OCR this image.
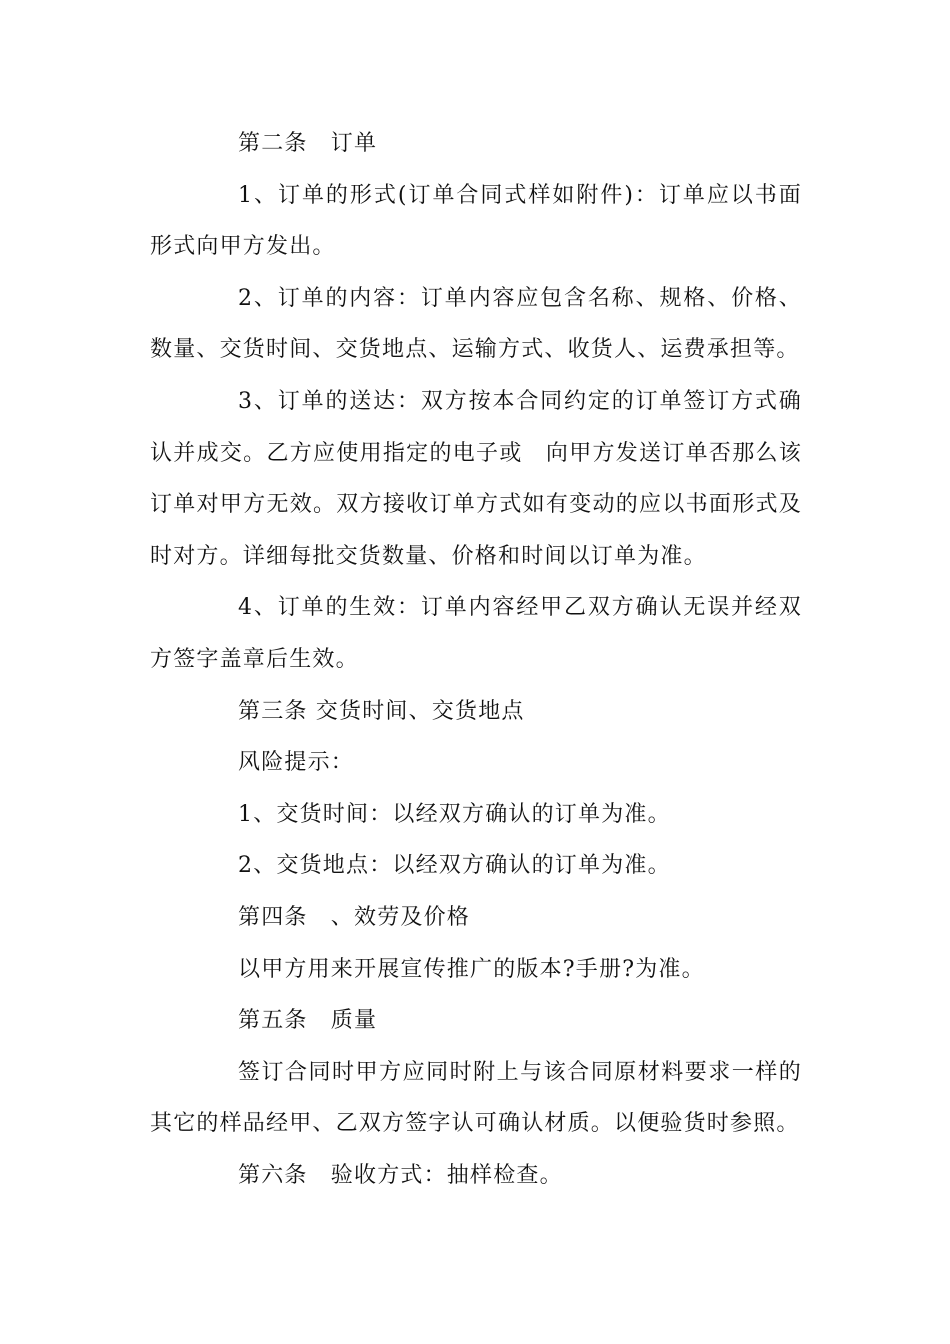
第二条　订单

1、订单的形式(订单合同式样如附件)：订单应以书面形式向甲方发出。

2、订单的内容：订单内容应包含名称、规格、价格、数量、交货时间、交货地点、运输方式、收货人、运费承担等。

3、订单的送达：双方按本合同约定的订单签订方式确认并成交。乙方应使用指定的电子或　向甲方发送订单否那么该订单对甲方无效。双方接收订单方式如有变动的应以书面形式及时对方。详细每批交货数量、价格和时间以订单为准。

4、订单的生效：订单内容经甲乙双方确认无误并经双方签字盖章后生效。

第三条 交货时间、交货地点

风险提示：

1、交货时间：以经双方确认的订单为准。

2、交货地点：以经双方确认的订单为准。

第四条　、效劳及价格

以甲方用来开展宣传推广的版本?手册?为准。

第五条　质量

签订合同时甲方应同时附上与该合同原材料要求一样的其它的样品经甲、乙双方签字认可确认材质。以便验货时参照。

第六条　验收方式：抽样检查。
